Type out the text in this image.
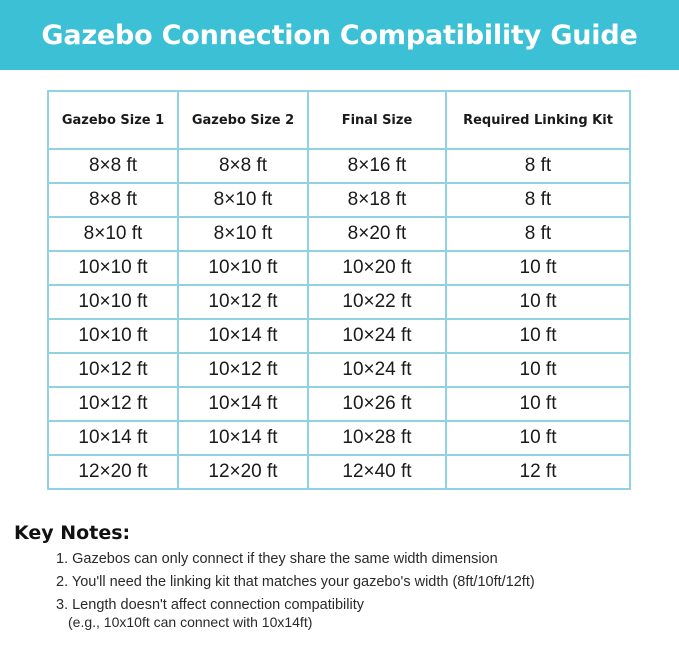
Gazebo Connection Compatibility Guide
Gazebo Size 1	Gazebo Size 2	Final Size	Required Linking Kit
8×8 ft	8×8 ft	8×16 ft	8 ft
8×8 ft	8×10 ft	8×18 ft	8 ft
8×10 ft	8×10 ft	8×20 ft	8 ft
10×10 ft	10×10 ft	10×20 ft	10 ft
10×10 ft	10×12 ft	10×22 ft	10 ft
10×10 ft	10×14 ft	10×24 ft	10 ft
10×12 ft	10×12 ft	10×24 ft	10 ft
10×12 ft	10×14 ft	10×26 ft	10 ft
10×14 ft	10×14 ft	10×28 ft	10 ft
12×20 ft	12×20 ft	12×40 ft	12 ft
Key Notes:
1. Gazebos can only connect if they share the same width dimension
2. You'll need the linking kit that matches your gazebo's width (8ft/10ft/12ft)
3. Length doesn't affect connection compatibility
(e.g., 10x10ft can connect with 10x14ft)
